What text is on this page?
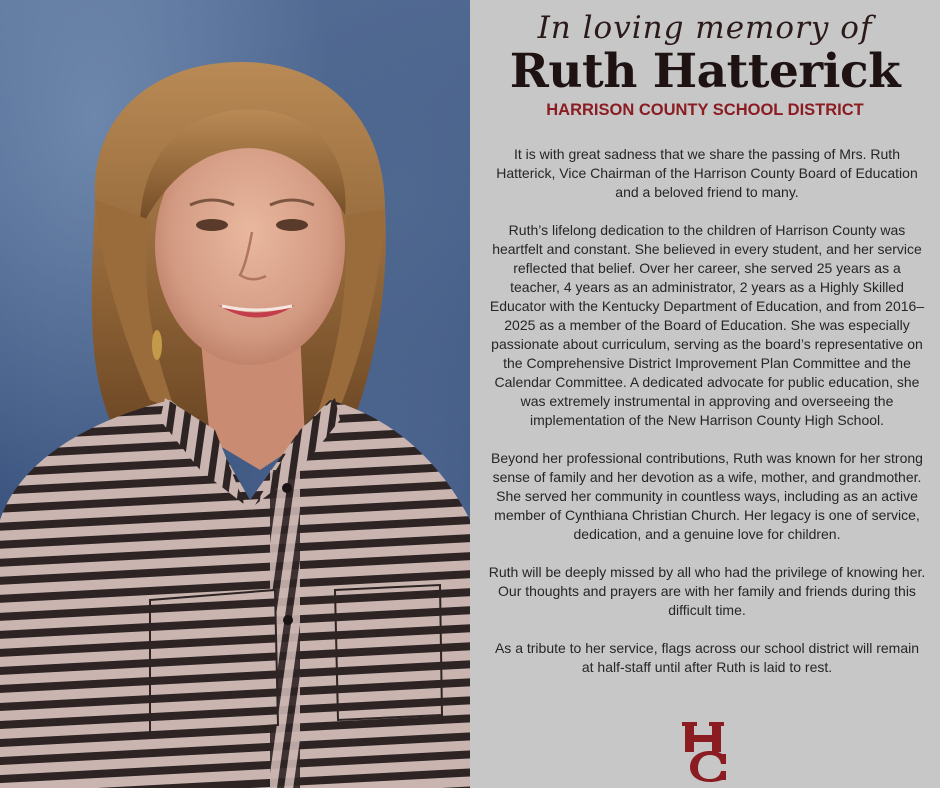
In loving memory of
Ruth Hatterick
HARRISON COUNTY SCHOOL DISTRICT

It is with great sadness that we share the passing of Mrs. Ruth Hatterick, Vice Chairman of the Harrison County Board of Education and a beloved friend to many.

Ruth’s lifelong dedication to the children of Harrison County was heartfelt and constant. She believed in every student, and her service reflected that belief. Over her career, she served 25 years as a teacher, 4 years as an administrator, 2 years as a Highly Skilled Educator with the Kentucky Department of Education, and from 2016–2025 as a member of the Board of Education. She was especially passionate about curriculum, serving as the board’s representative on the Comprehensive District Improvement Plan Committee and the Calendar Committee. A dedicated advocate for public education, she was extremely instrumental in approving and overseeing the implementation of the New Harrison County High School.

Beyond her professional contributions, Ruth was known for her strong sense of family and her devotion as a wife, mother, and grandmother. She served her community in countless ways, including as an active member of Cynthiana Christian Church. Her legacy is one of service, dedication, and a genuine love for children.

Ruth will be deeply missed by all who had the privilege of knowing her. Our thoughts and prayers are with her family and friends during this difficult time.

As a tribute to her service, flags across our school district will remain at half-staff until after Ruth is laid to rest.
